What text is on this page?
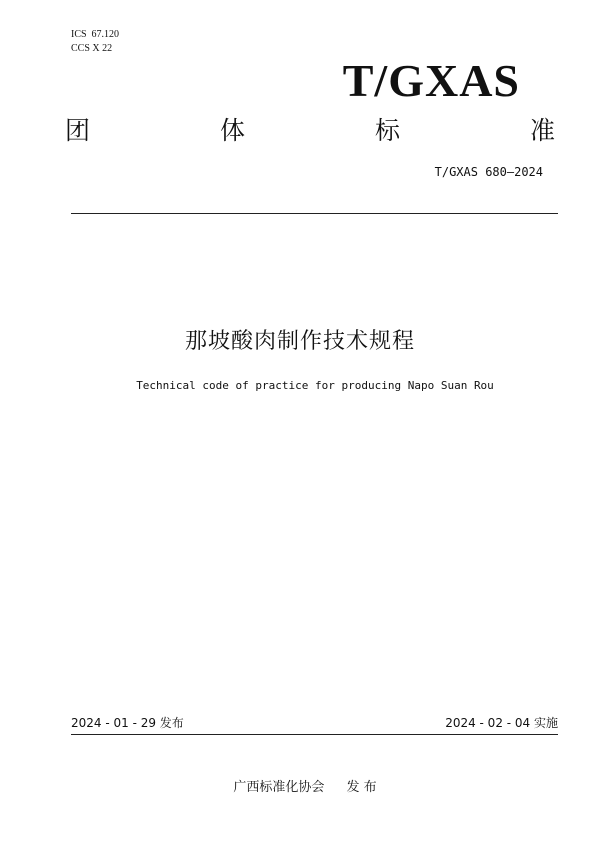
ICS  67.120
CCS X 22
T/GXAS
团	体	标	准
T/GXAS 680—2024
那坡酸肉制作技术规程
Technical code of practice for producing Napo Suan Rou
2024 - 01 - 29 发布	2024 - 02 - 04 实施
广西标准化协会 发 布
